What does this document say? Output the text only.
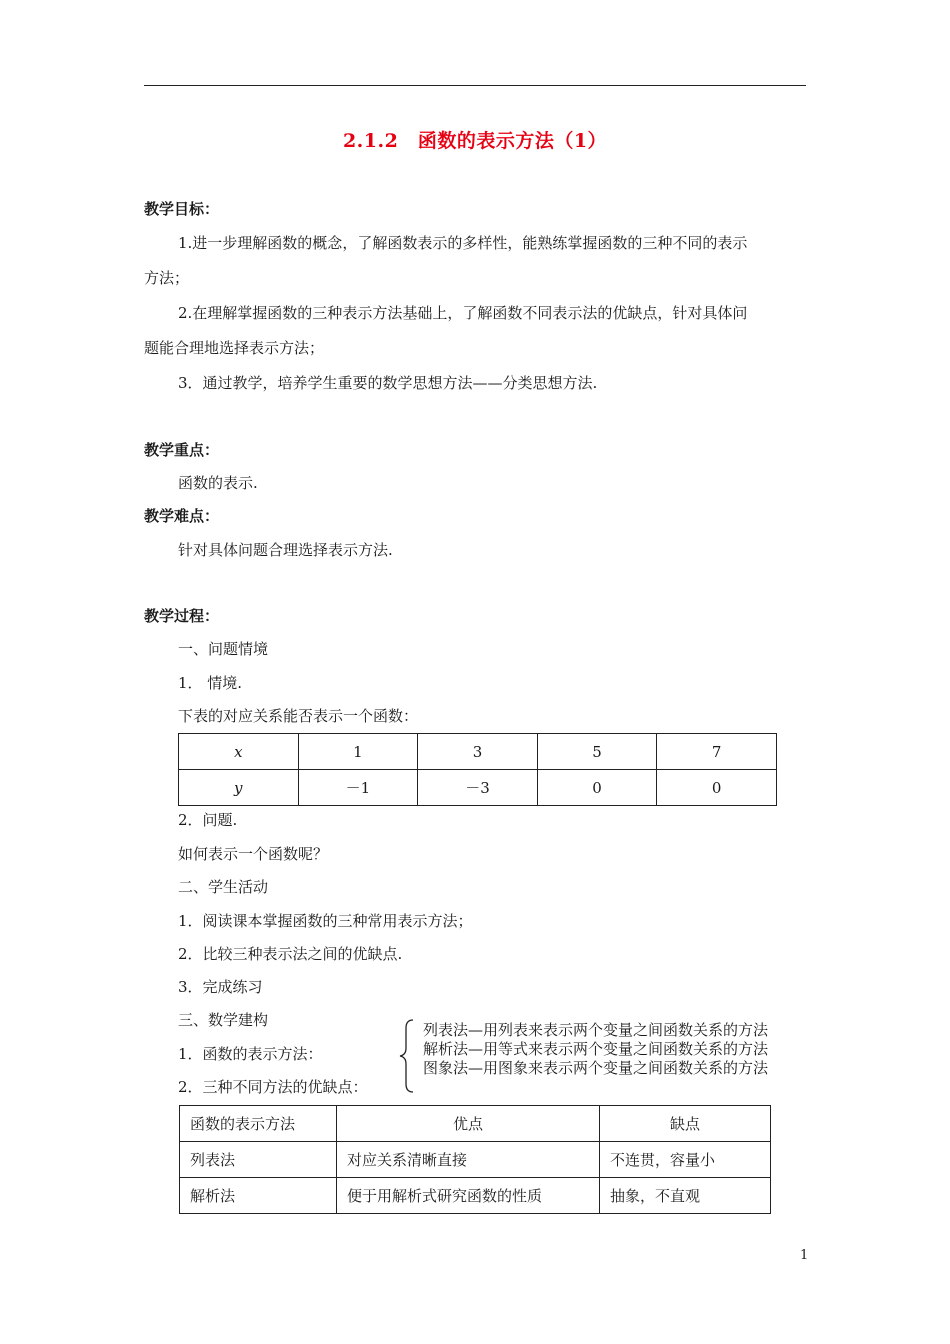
2.1.2　函数的表示方法（1）
教学目标：
1.进一步理解函数的概念，了解函数表示的多样性，能熟练掌握函数的三种不同的表示
方法；
2.在理解掌握函数的三种表示方法基础上，了解函数不同表示法的优缺点，针对具体问
题能合理地选择表示方法；
3．通过教学，培养学生重要的数学思想方法——分类思想方法.
教学重点：
函数的表示.
教学难点：
针对具体问题合理选择表示方法.
教学过程：
一、问题情境
1． 情境.
下表的对应关系能否表示一个函数：
x	1	3	5	7
y	－1	－3	0	0
2．问题.
如何表示一个函数呢？
二、学生活动
1．阅读课本掌握函数的三种常用表示方法；
2．比较三种表示法之间的优缺点.
3．完成练习
三、数学建构
1．函数的表示方法：
2．三种不同方法的优缺点：
列表法—用列表来表示两个变量之间函数关系的方法
解析法—用等式来表示两个变量之间函数关系的方法
图象法—用图象来表示两个变量之间函数关系的方法
函数的表示方法	优点	缺点
列表法	对应关系清晰直接	不连贯，容量小
解析法	便于用解析式研究函数的性质	抽象，不直观
1
